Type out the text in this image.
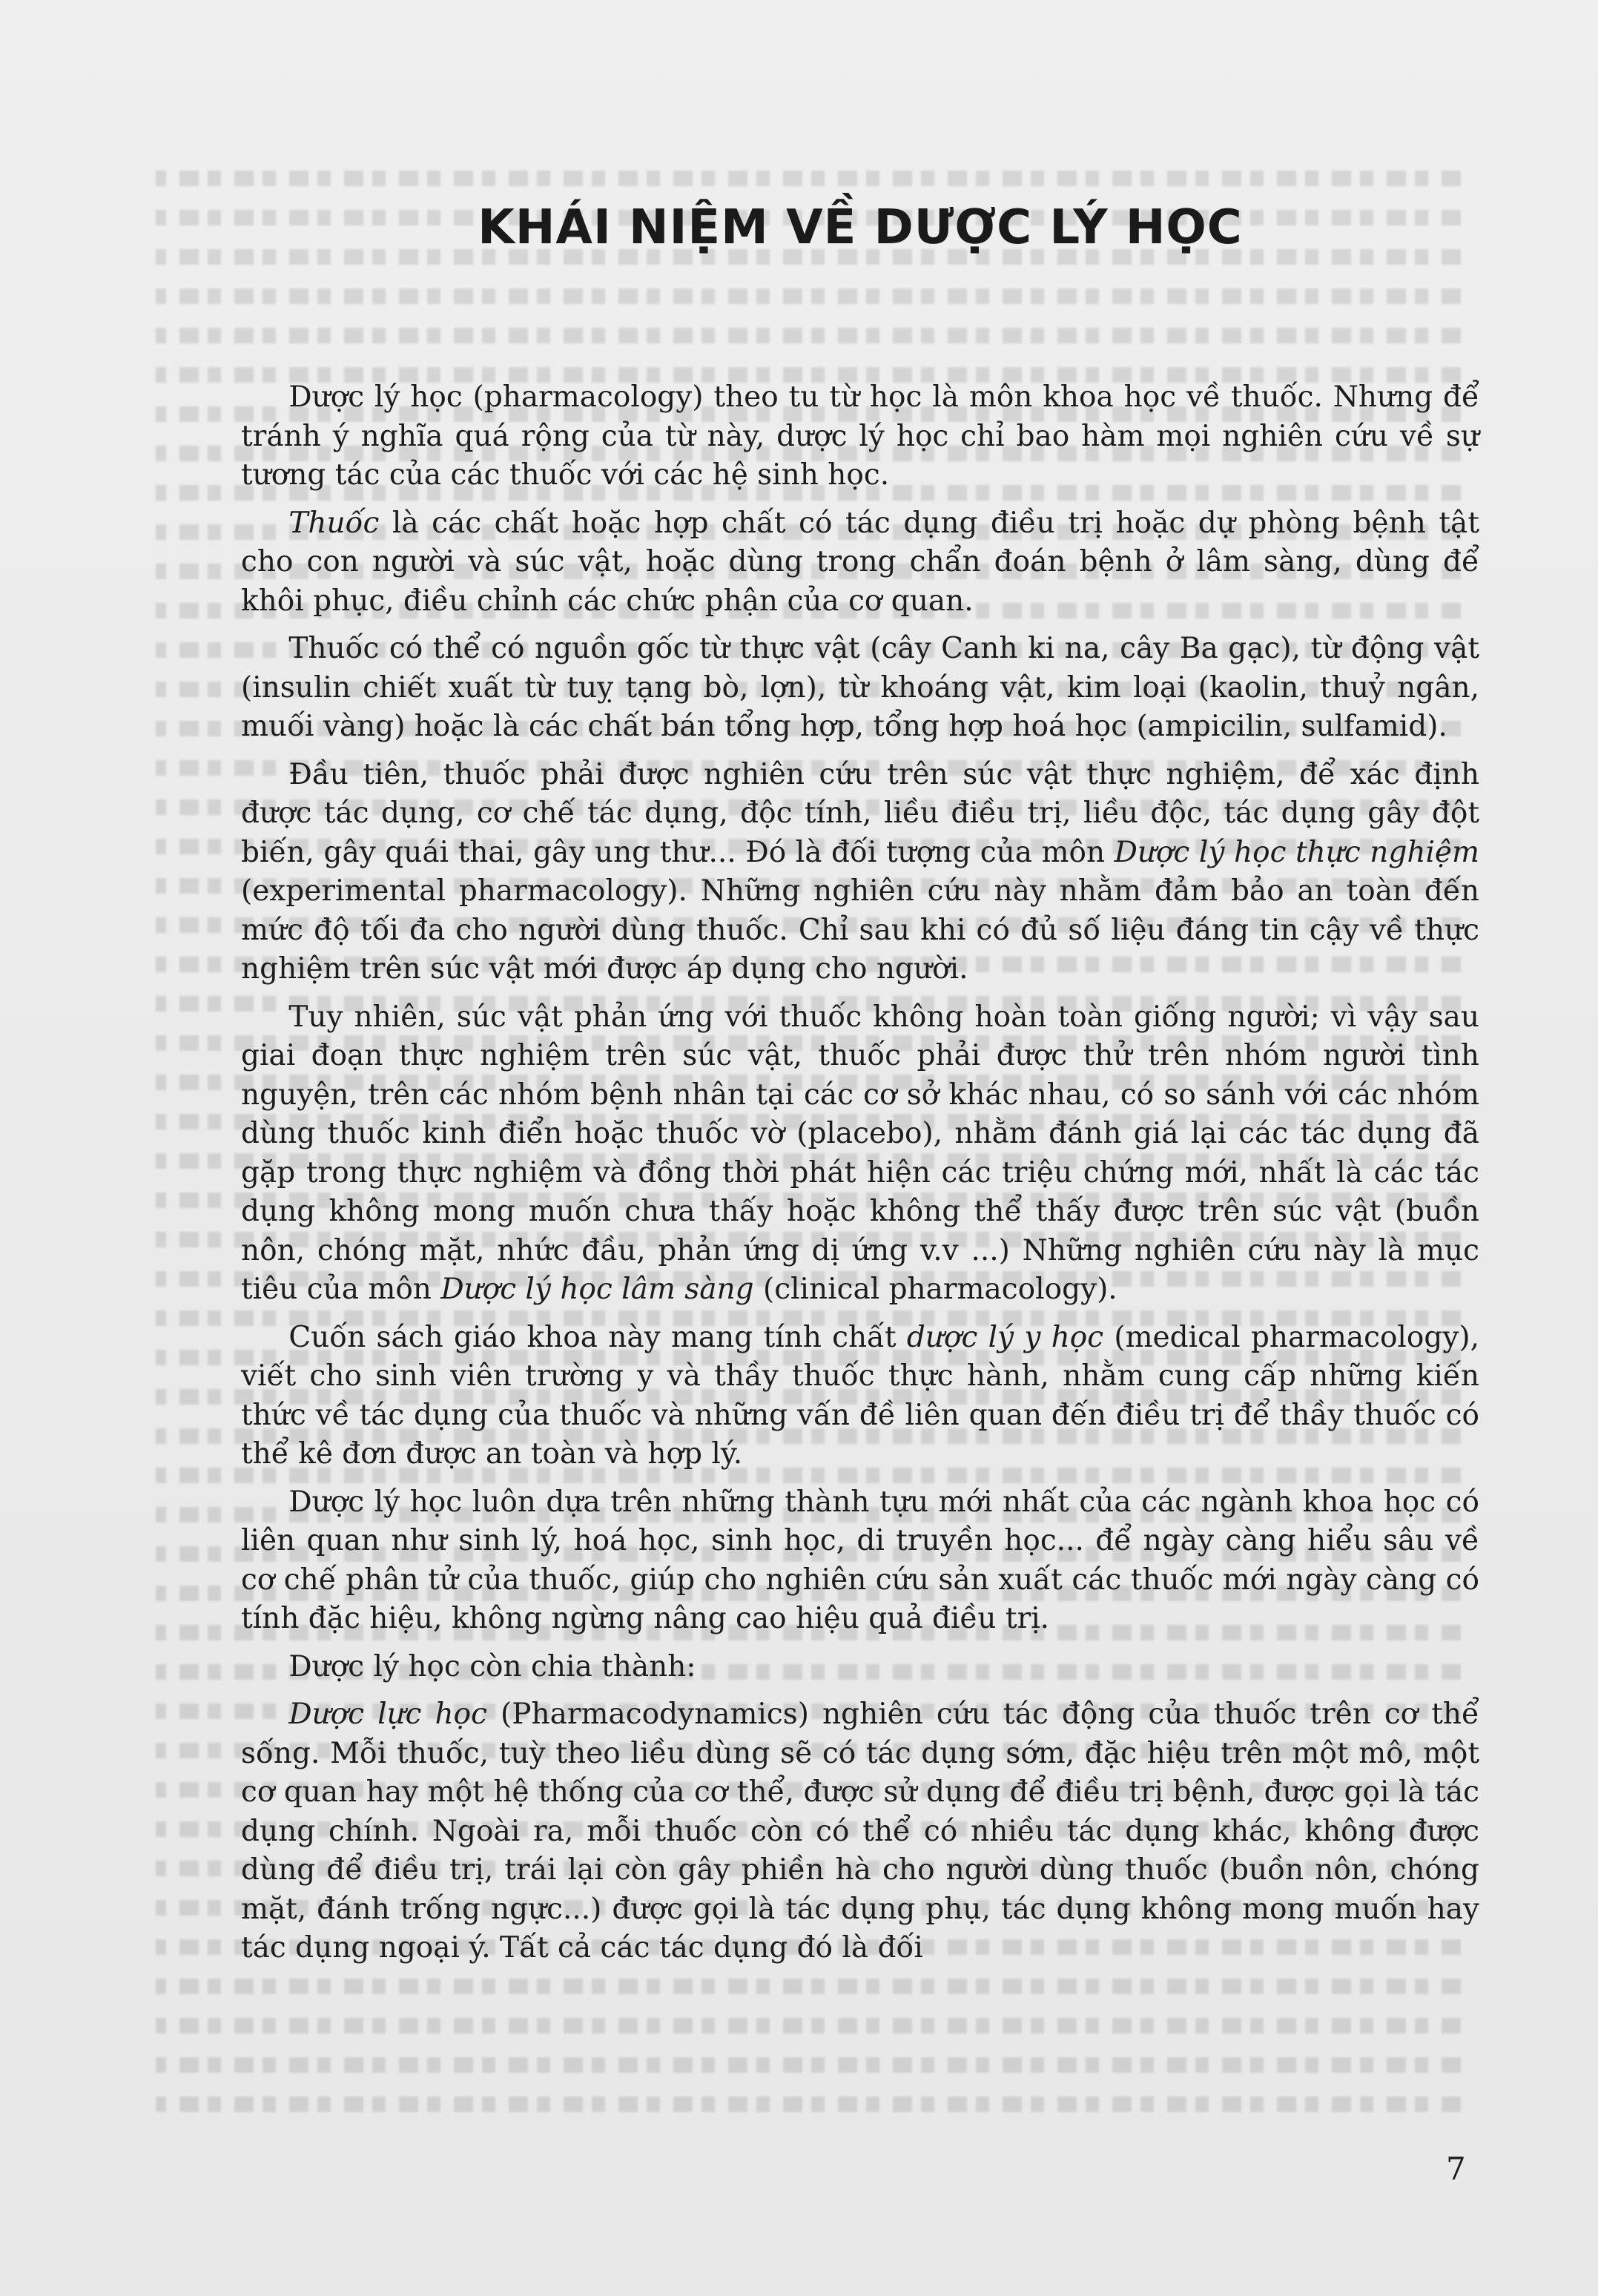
KHÁI NIỆM VỀ DƯỢC LÝ HỌC

Dược lý học (pharmacology) theo tu từ học là môn khoa học về thuốc. Nhưng để tránh ý nghĩa quá rộng của từ này, dược lý học chỉ bao hàm mọi nghiên cứu về sự tương tác của các thuốc với các hệ sinh học.

Thuốc là các chất hoặc hợp chất có tác dụng điều trị hoặc dự phòng bệnh tật cho con người và súc vật, hoặc dùng trong chẩn đoán bệnh ở lâm sàng, dùng để khôi phục, điều chỉnh các chức phận của cơ quan.

Thuốc có thể có nguồn gốc từ thực vật (cây Canh ki na, cây Ba gạc), từ động vật (insulin chiết xuất từ tuỵ tạng bò, lợn), từ khoáng vật, kim loại (kaolin, thuỷ ngân, muối vàng) hoặc là các chất bán tổng hợp, tổng hợp hoá học (ampicilin, sulfamid).

Đầu tiên, thuốc phải được nghiên cứu trên súc vật thực nghiệm, để xác định được tác dụng, cơ chế tác dụng, độc tính, liều điều trị, liều độc, tác dụng gây đột biến, gây quái thai, gây ung thư... Đó là đối tượng của môn Dược lý học thực nghiệm (experimental pharmacology). Những nghiên cứu này nhằm đảm bảo an toàn đến mức độ tối đa cho người dùng thuốc. Chỉ sau khi có đủ số liệu đáng tin cậy về thực nghiệm trên súc vật mới được áp dụng cho người.

Tuy nhiên, súc vật phản ứng với thuốc không hoàn toàn giống người; vì vậy sau giai đoạn thực nghiệm trên súc vật, thuốc phải được thử trên nhóm người tình nguyện, trên các nhóm bệnh nhân tại các cơ sở khác nhau, có so sánh với các nhóm dùng thuốc kinh điển hoặc thuốc vờ (placebo), nhằm đánh giá lại các tác dụng đã gặp trong thực nghiệm và đồng thời phát hiện các triệu chứng mới, nhất là các tác dụng không mong muốn chưa thấy hoặc không thể thấy được trên súc vật (buồn nôn, chóng mặt, nhức đầu, phản ứng dị ứng v.v ...) Những nghiên cứu này là mục tiêu của môn Dược lý học lâm sàng (clinical pharmacology).

Cuốn sách giáo khoa này mang tính chất dược lý y học (medical pharmacology), viết cho sinh viên trường y và thầy thuốc thực hành, nhằm cung cấp những kiến thức về tác dụng của thuốc và những vấn đề liên quan đến điều trị để thầy thuốc có thể kê đơn được an toàn và hợp lý.

Dược lý học luôn dựa trên những thành tựu mới nhất của các ngành khoa học có liên quan như sinh lý, hoá học, sinh học, di truyền học... để ngày càng hiểu sâu về cơ chế phân tử của thuốc, giúp cho nghiên cứu sản xuất các thuốc mới ngày càng có tính đặc hiệu, không ngừng nâng cao hiệu quả điều trị.

Dược lý học còn chia thành:

Dược lực học (Pharmacodynamics) nghiên cứu tác động của thuốc trên cơ thể sống. Mỗi thuốc, tuỳ theo liều dùng sẽ có tác dụng sớm, đặc hiệu trên một mô, một cơ quan hay một hệ thống của cơ thể, được sử dụng để điều trị bệnh, được gọi là tác dụng chính. Ngoài ra, mỗi thuốc còn có thể có nhiều tác dụng khác, không được dùng để điều trị, trái lại còn gây phiền hà cho người dùng thuốc (buồn nôn, chóng mặt, đánh trống ngực...) được gọi là tác dụng phụ, tác dụng không mong muốn hay tác dụng ngoại ý. Tất cả các tác dụng đó là đối

7
